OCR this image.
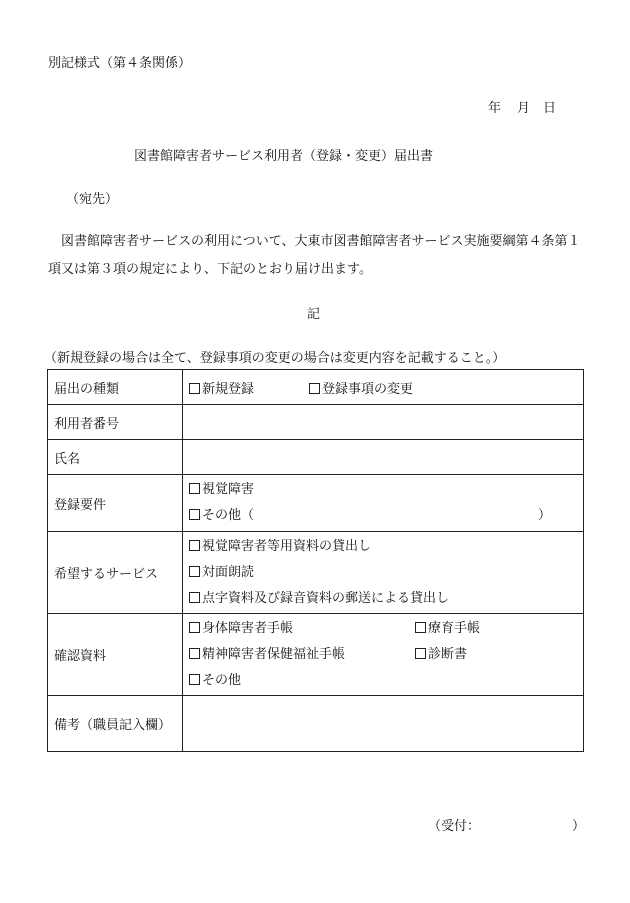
別記様式（第４条関係）
年 月 日
図書館障害者サービス利用者（登録・変更）届出書
（宛先）
図書館障害者サービスの利用について、大東市図書館障害者サービス実施要綱第４条第１項又は第３項の規定により、下記のとおり届け出ます。
記
（新規登録の場合は全て、登録事項の変更の場合は変更内容を記載すること。）
届出の種類	新規登録 登録事項の変更
利用者番号	
氏名	
登録要件	視覚障害
その他（ ）

希望するサービス	視覚障害者等用資料の貸出し
対面朗読
点字資料及び録音資料の郵送による貸出し

確認資料	身体障害者手帳 療育手帳
精神障害者保健福祉手帳 診断書
その他

備考（職員記入欄）	
（受付：	）
